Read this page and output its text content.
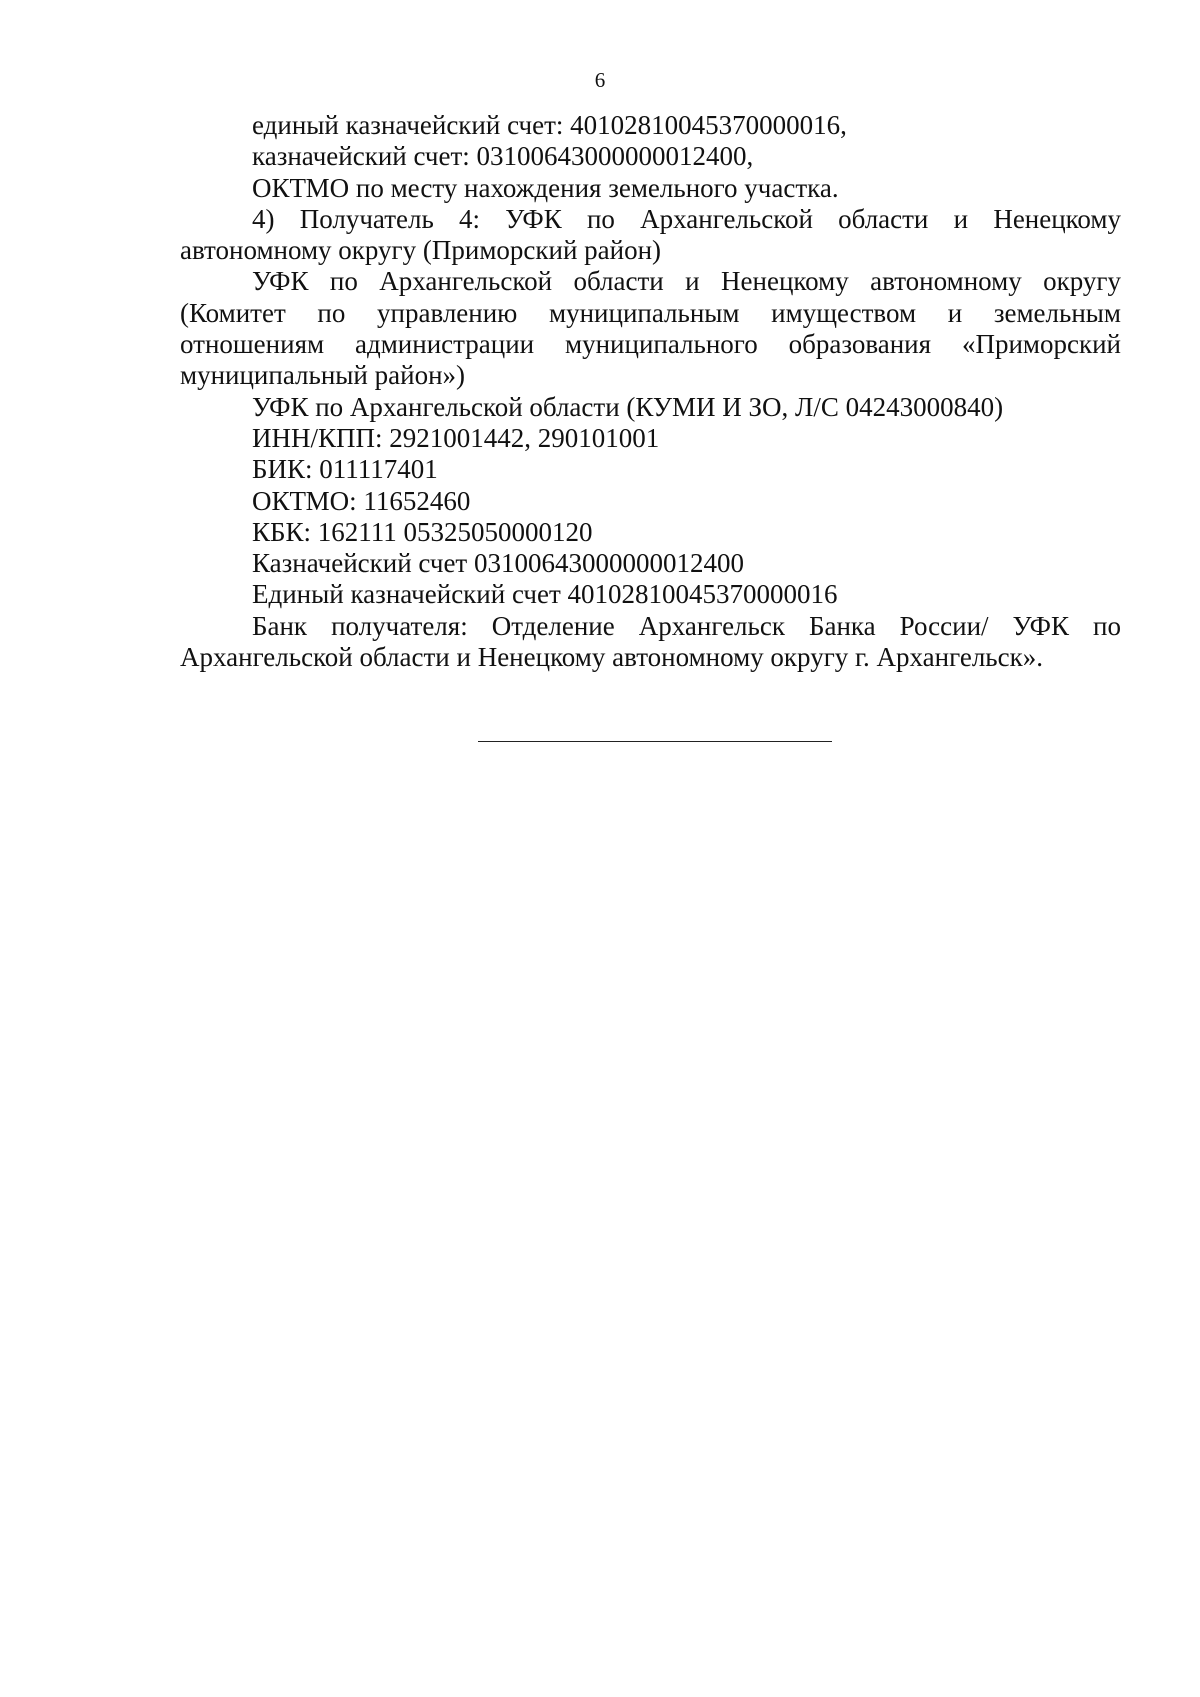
6
единый казначейский счет: 40102810045370000016,
казначейский счет: 03100643000000012400,
ОКТМО по месту нахождения земельного участка.

4) Получатель 4: УФК по Архангельской области и Ненецкому автономному округу (Приморский район)

УФК по Архангельской области и Ненецкому автономному округу (Комитет по управлению муниципальным имуществом и земельным отношениям администрации муниципального образования «Приморский муниципальный район»)

УФК по Архангельской области (КУМИ И ЗО, Л/С 04243000840)
ИНН/КПП: 2921001442, 290101001
БИК: 011117401
ОКТМО: 11652460
КБК: 162111 05325050000120
Казначейский счет 03100643000000012400
Единый казначейский счет 40102810045370000016

Банк получателя: Отделение Архангельск Банка России/ УФК по Архангельской области и Ненецкому автономному округу г. Архангельск».
